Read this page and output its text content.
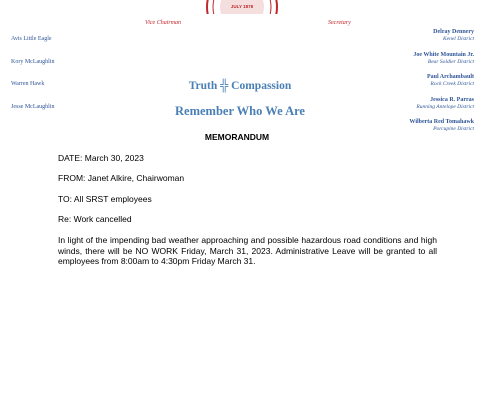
JULY 1878
Vice Chairman	Secretary
Avis Little Eagle
Kory McLaughlin
Warren Hawk
Jesse McLaughlin
Delray Dennery
Kenel District
Joe White Mountain Jr.
Bear Soldier District
Paul Archambault
Rock Creek District
Jessica R. Parras
Running Antelope District
Wilberta Red Tomahawk
Porcupine District
Truth ╬ Compassion
Remember Who We Are
MEMORANDUM
DATE: March 30, 2023
FROM: Janet Alkire, Chairwoman
TO: All SRST employees
Re: Work cancelled
In light of the impending bad weather approaching and possible hazardous road conditions and high winds, there will be NO WORK Friday, March 31, 2023. Administrative Leave will be granted to all employees from 8:00am to 4:30pm Friday March 31.
